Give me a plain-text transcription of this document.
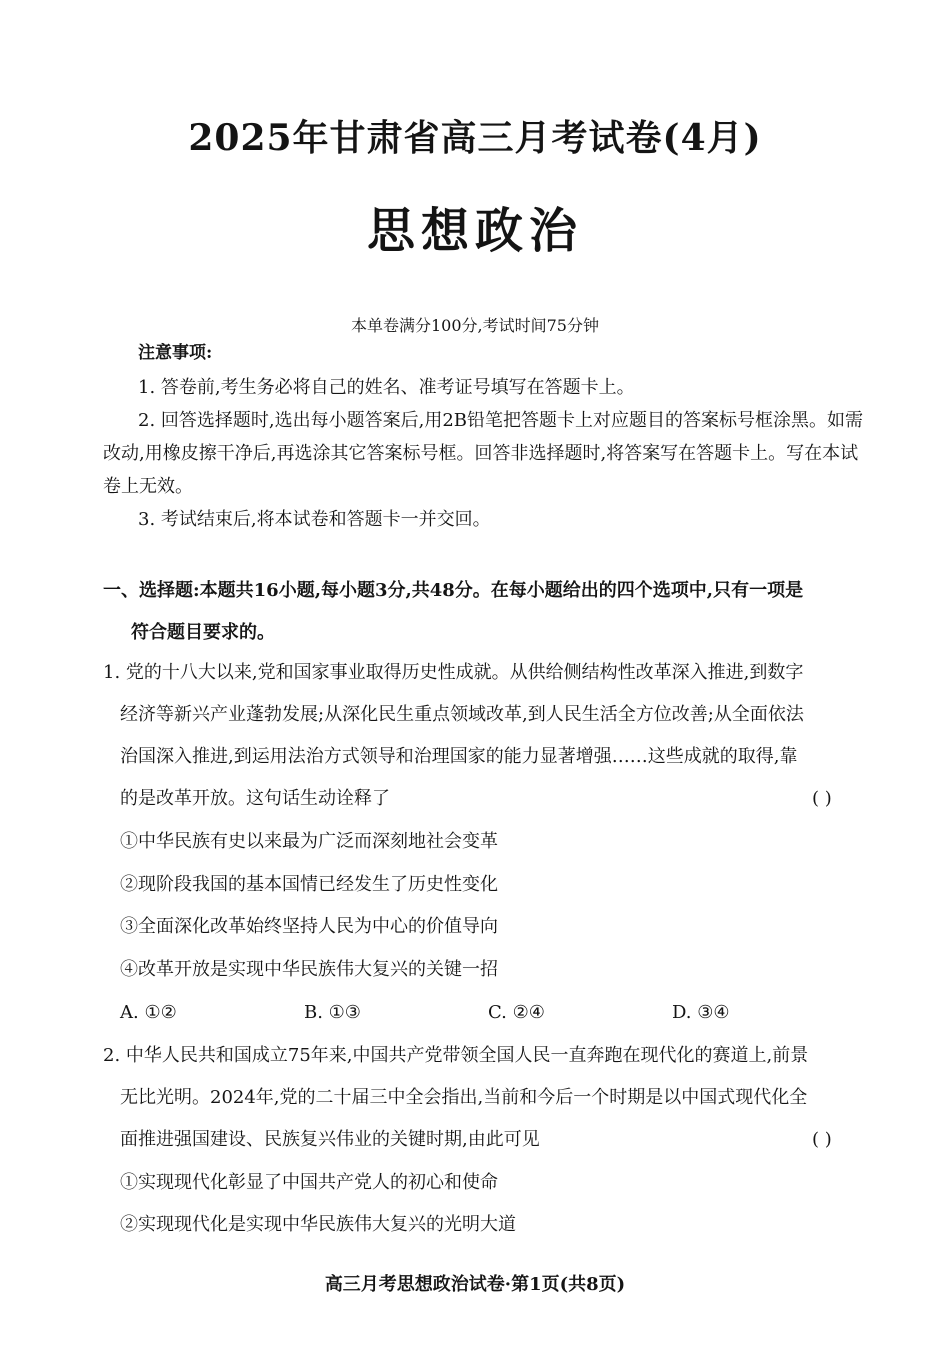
2025年甘肃省高三月考试卷(4月)
思想政治
本单卷满分100分,考试时间75分钟
注意事项:
1. 答卷前,考生务必将自己的姓名、准考证号填写在答题卡上。
2. 回答选择题时,选出每小题答案后,用2B铅笔把答题卡上对应题目的答案标号框涂黑。如需改动,用橡皮擦干净后,再选涂其它答案标号框。回答非选择题时,将答案写在答题卡上。写在本试卷上无效。
3. 考试结束后,将本试卷和答题卡一并交回。
一、选择题:本题共16小题,每小题3分,共48分。在每小题给出的四个选项中,只有一项是
符合题目要求的。
1. 党的十八大以来,党和国家事业取得历史性成就。从供给侧结构性改革深入推进,到数字
经济等新兴产业蓬勃发展;从深化民生重点领域改革,到人民生活全方位改善;从全面依法
治国深入推进,到运用法治方式领导和治理国家的能力显著增强……这些成就的取得,靠
的是改革开放。这句话生动诠释了	( )
①中华民族有史以来最为广泛而深刻地社会变革
②现阶段我国的基本国情已经发生了历史性变化
③全面深化改革始终坚持人民为中心的价值导向
④改革开放是实现中华民族伟大复兴的关键一招
A. ①②	B. ①③	C. ②④	D. ③④
2. 中华人民共和国成立75年来,中国共产党带领全国人民一直奔跑在现代化的赛道上,前景
无比光明。2024年,党的二十届三中全会指出,当前和今后一个时期是以中国式现代化全
面推进强国建设、民族复兴伟业的关键时期,由此可见	( )
①实现现代化彰显了中国共产党人的初心和使命
②实现现代化是实现中华民族伟大复兴的光明大道
高三月考思想政治试卷·第1页(共8页)
